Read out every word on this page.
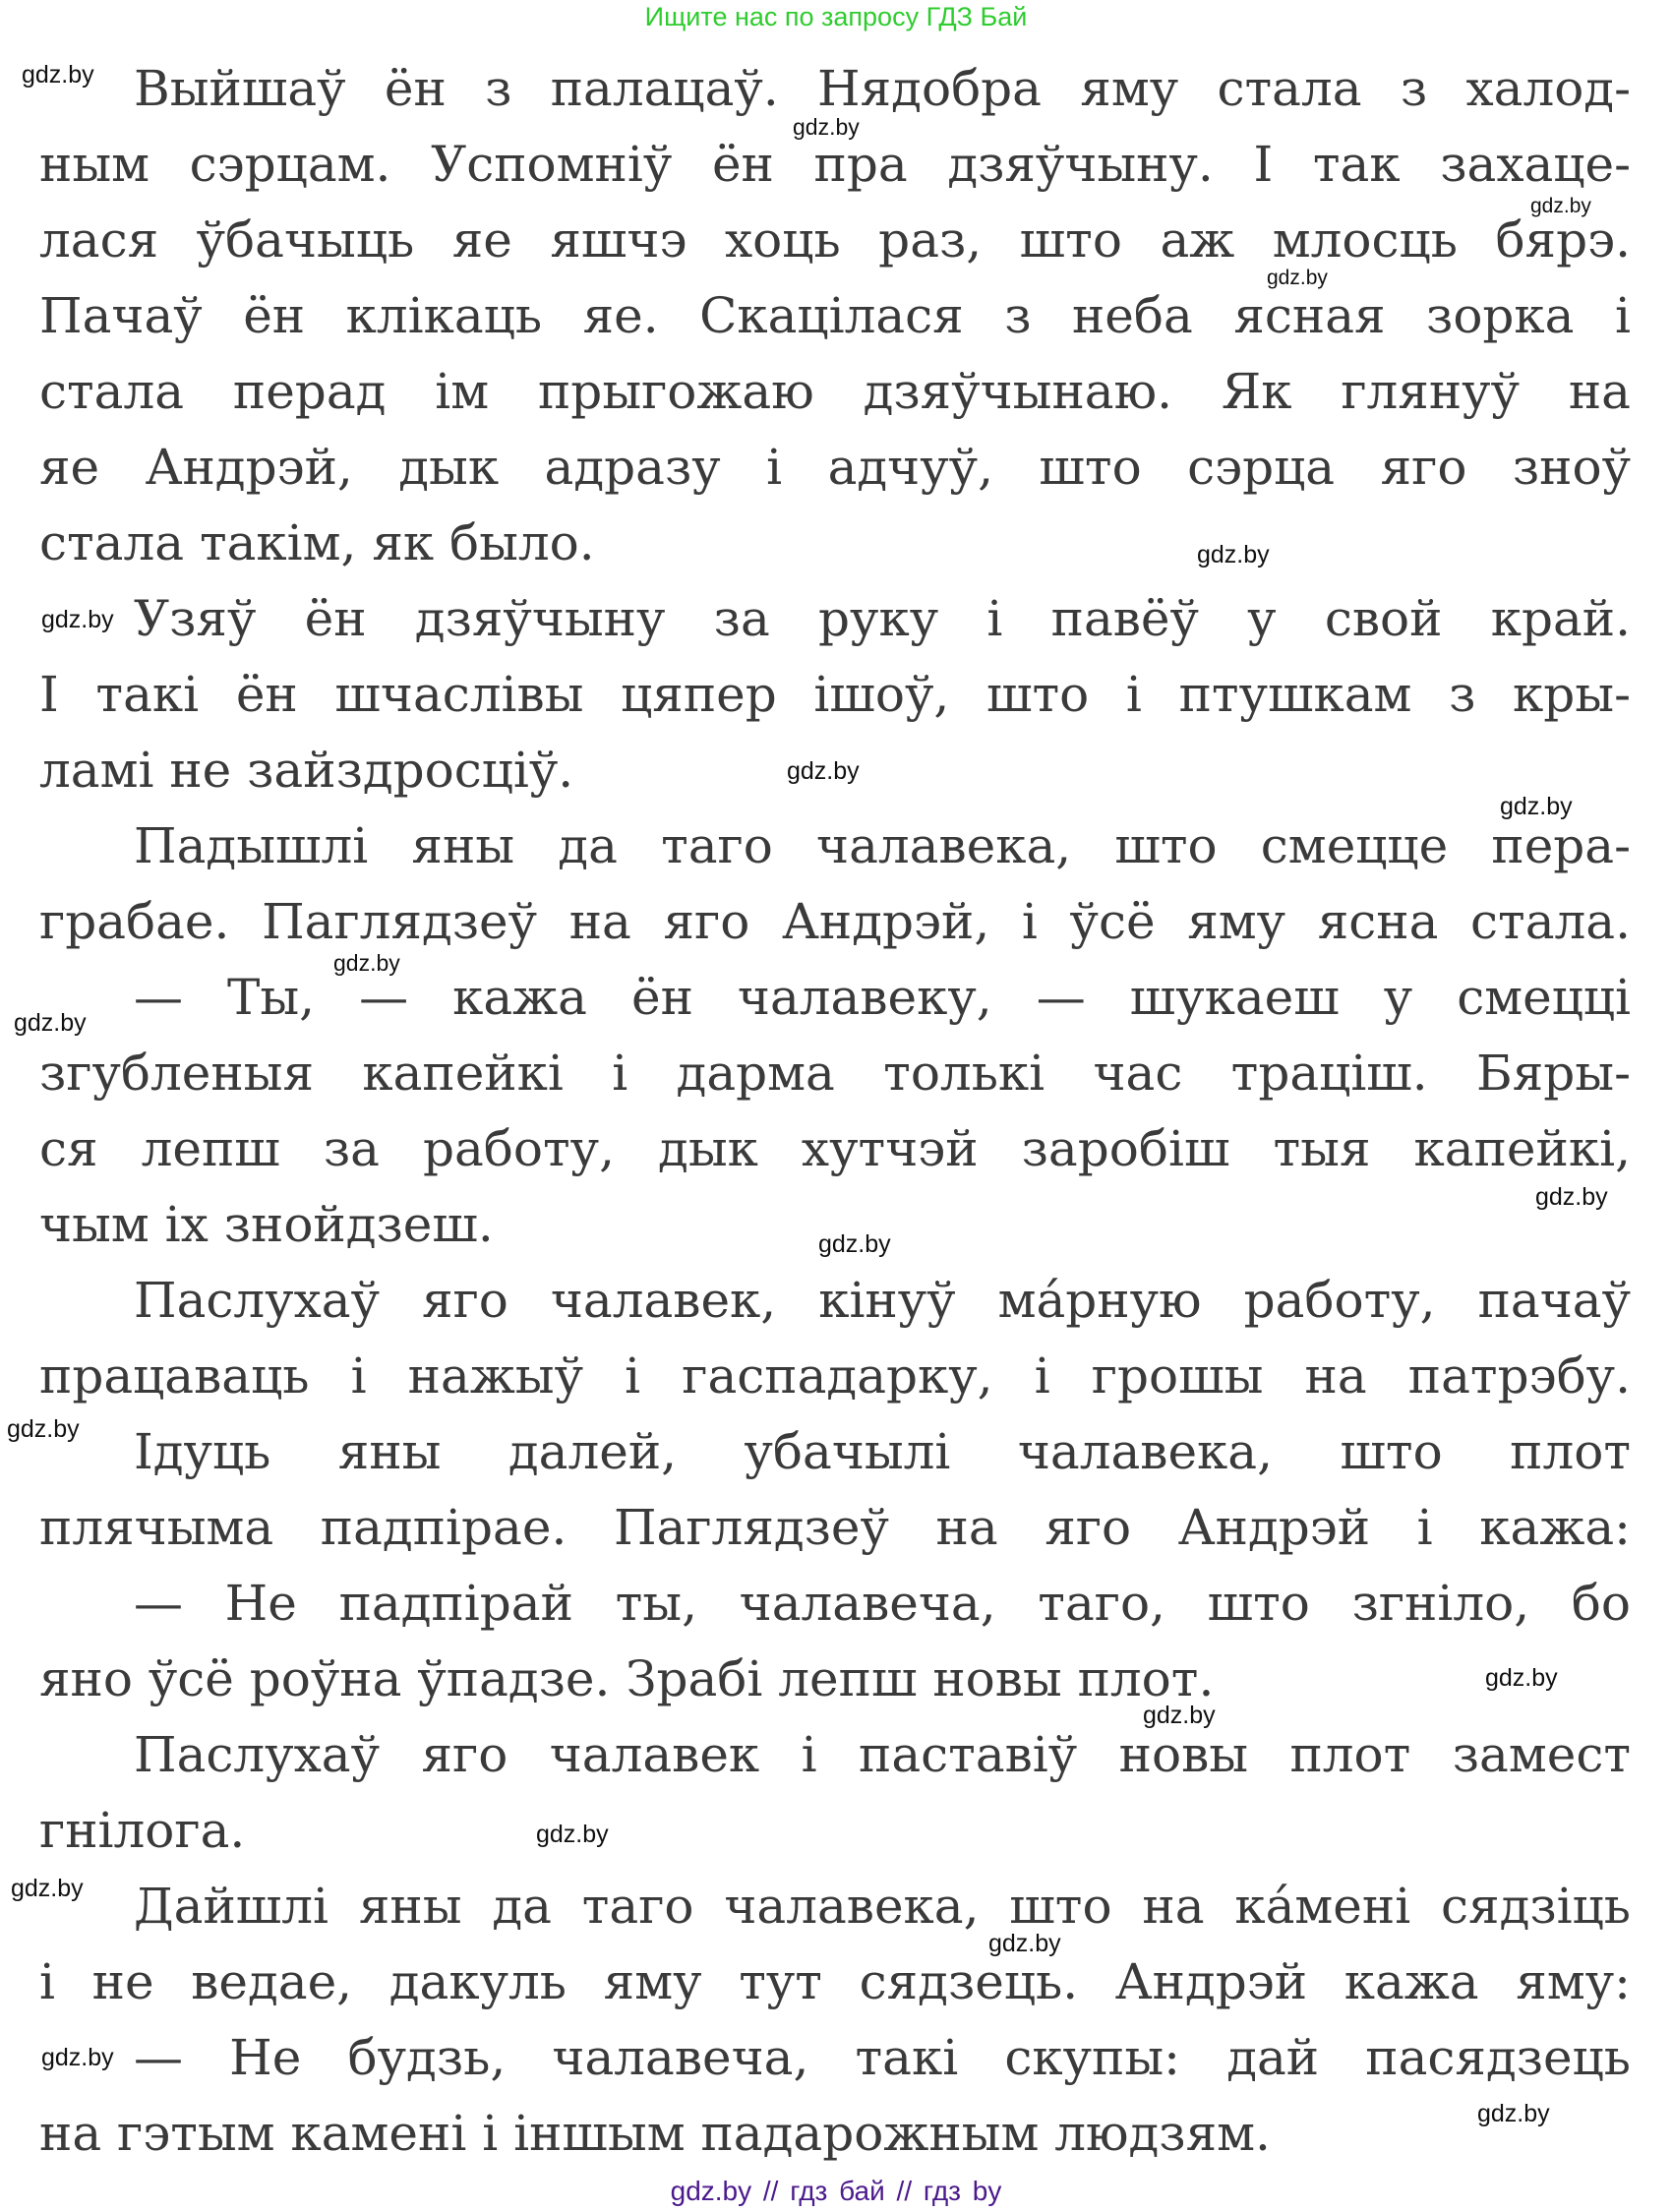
Ищите нас по запросу ГДЗ Бай
Выйшаў ён з палацаў. Нядобра яму стала з халод-
ным сэрцам. Успомніў ён пра дзяўчыну. І так захаце-
лася ўбачыць яе яшчэ хоць раз, што аж млосць бярэ.
Пачаў ён клікаць яе. Скацілася з неба ясная зорка і
стала перад ім прыгожаю дзяўчынаю. Як глянуў на
яе Андрэй, дык адразу і адчуў, што сэрца яго зноў
стала такім, як было.
Узяў ён дзяўчыну за руку і павёў у свой край.
І такі ён шчаслівы цяпер ішоў, што і птушкам з кры-
ламі не зайздросціў.
Падышлі яны да таго чалавека, што смецце пера-
грабае. Паглядзеў на яго Андрэй, і ўсё яму ясна стала.
— Ты, — кажа ён чалавеку, — шукаеш у смецці
згубленыя капейкі і дарма толькі час траціш. Бяры-
ся лепш за работу, дык хутчэй заробіш тыя капейкі,
чым іх знойдзеш.
Паслухаў яго чалавек, кінуў ма́рную работу, пачаў
працаваць і нажыў і гаспадарку, і грошы на патрэбу.
Ідуць яны далей, убачылі чалавека, што плот
плячыма падпірае. Паглядзеў на яго Андрэй і кажа:
— Не падпірай ты, чалавеча, таго, што згніло, бо
яно ўсё роўна ўпадзе. Зрабі лепш новы плот.
Паслухаў яго чалавек і паставіў новы плот замест
гнілога.
Дайшлі яны да таго чалавека, што на ка́мені сядзіць
і не ведае, дакуль яму тут сядзець. Андрэй кажа яму:
— Не будзь, чалавеча, такі скупы: дай пасядзець
на гэтым камені і іншым падарожным людзям.
gdz.by
gdz.by
gdz.by
gdz.by
gdz.by
gdz.by
gdz.by
gdz.by
gdz.by
gdz.by
gdz.by
gdz.by
gdz.by
gdz.by
gdz.by
gdz.by
gdz.by
gdz.by
gdz.by
gdz.by
gdz.by // гдз бай // гдз by
